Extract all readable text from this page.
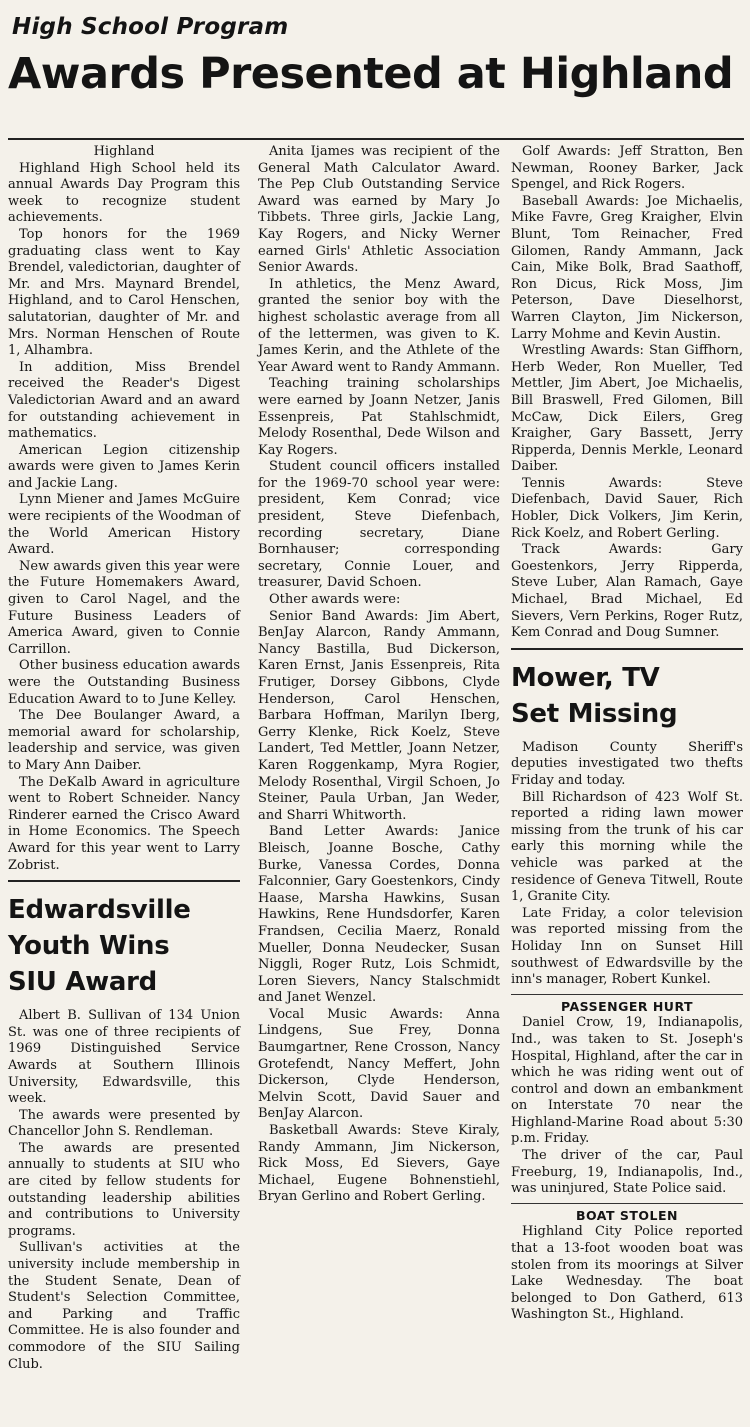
High School Program
Awards Presented at Highland

Highland

Highland High School held its annual Awards Day Program this week to recognize student achievements.

Top honors for the 1969 graduating class went to Kay Brendel, valedictorian, daughter of Mr. and Mrs. Maynard Brendel, Highland, and to Carol Henschen, salutatorian, daughter of Mr. and Mrs. Norman Henschen of Route 1, Alhambra.

In addition, Miss Brendel received the Reader's Digest Valedictorian Award and an award for outstanding achievement in mathematics.

American Legion citizenship awards were given to James Kerin and Jackie Lang.

Lynn Miener and James McGuire were recipients of the Woodman of the World American History Award.

New awards given this year were the Future Homemakers Award, given to Carol Nagel, and the Future Business Leaders of America Award, given to Connie Carrillon.

Other business education awards were the Outstanding Business Education Award to to June Kelley.

The Dee Boulanger Award, a memorial award for scholarship, leadership and service, was given to Mary Ann Daiber.

The DeKalb Award in agriculture went to Robert Schneider. Nancy Rinderer earned the Crisco Award in Home Economics. The Speech Award for this year went to Larry Zobrist.

Edwardsville
Youth Wins
SIU Award

Albert B. Sullivan of 134 Union St. was one of three recipients of 1969 Distinguished Service Awards at Southern Illinois University, Edwardsville, this week.

The awards were presented by Chancellor John S. Rendleman.

The awards are presented annually to students at SIU who are cited by fellow students for outstanding leadership abilities and contributions to University programs.

Sullivan's activities at the university include membership in the Student Senate, Dean of Student's Selection Committee, and Parking and Traffic Committee. He is also founder and commodore of the SIU Sailing Club.

Anita Ijames was recipient of the General Math Calculator Award. The Pep Club Outstanding Service Award was earned by Mary Jo Tibbets. Three girls, Jackie Lang, Kay Rogers, and Nicky Werner earned Girls' Athletic Association Senior Awards.

In athletics, the Menz Award, granted the senior boy with the highest scholastic average from all of the lettermen, was given to K. James Kerin, and the Athlete of the Year Award went to Randy Ammann.

Teaching training scholarships were earned by Joann Netzer, Janis Essenpreis, Pat Stahlschmidt, Melody Rosenthal, Dede Wilson and Kay Rogers.

Student council officers installed for the 1969-70 school year were: president, Kem Conrad; vice president, Steve Diefenbach, recording secretary, Diane Bornhauser; corresponding secretary, Connie Louer, and treasurer, David Schoen.

Other awards were:

Senior Band Awards: Jim Abert, BenJay Alarcon, Randy Ammann, Nancy Bastilla, Bud Dickerson, Karen Ernst, Janis Essenpreis, Rita Frutiger, Dorsey Gibbons, Clyde Henderson, Carol Henschen, Barbara Hoffman, Marilyn Iberg, Gerry Klenke, Rick Koelz, Steve Landert, Ted Mettler, Joann Netzer, Karen Roggenkamp, Myra Rogier, Melody Rosenthal, Virgil Schoen, Jo Steiner, Paula Urban, Jan Weder, and Sharri Whitworth.

Band Letter Awards: Janice Bleisch, Joanne Bosche, Cathy Burke, Vanessa Cordes, Donna Falconnier, Gary Goestenkors, Cindy Haase, Marsha Hawkins, Susan Hawkins, Rene Hundsdorfer, Karen Frandsen, Cecilia Maerz, Ronald Mueller, Donna Neudecker, Susan Niggli, Roger Rutz, Lois Schmidt, Loren Sievers, Nancy Stalschmidt and Janet Wenzel.

Vocal Music Awards: Anna Lindgens, Sue Frey, Donna Baumgartner, Rene Crosson, Nancy Grotefendt, Nancy Meffert, John Dickerson, Clyde Henderson, Melvin Scott, David Sauer and BenJay Alarcon.

Basketball Awards: Steve Kiraly, Randy Ammann, Jim Nickerson, Rick Moss, Ed Sievers, Gaye Michael, Eugene Bohnenstiehl, Bryan Gerlino and Robert Gerling.

Golf Awards: Jeff Stratton, Ben Newman, Rooney Barker, Jack Spengel, and Rick Rogers.

Baseball Awards: Joe Michaelis, Mike Favre, Greg Kraigher, Elvin Blunt, Tom Reinacher, Fred Gilomen, Randy Ammann, Jack Cain, Mike Bolk, Brad Saathoff, Ron Dicus, Rick Moss, Jim Peterson, Dave Dieselhorst, Warren Clayton, Jim Nickerson, Larry Mohme and Kevin Austin.

Wrestling Awards: Stan Giffhorn, Herb Weder, Ron Mueller, Ted Mettler, Jim Abert, Joe Michaelis, Bill Braswell, Fred Gilomen, Bill McCaw, Dick Eilers, Greg Kraigher, Gary Bassett, Jerry Ripperda, Dennis Merkle, Leonard Daiber.

Tennis Awards: Steve Diefenbach, David Sauer, Rich Hobler, Dick Volkers, Jim Kerin, Rick Koelz, and Robert Gerling.

Track Awards: Gary Goestenkors, Jerry Ripperda, Steve Luber, Alan Ramach, Gaye Michael, Brad Michael, Ed Sievers, Vern Perkins, Roger Rutz, Kem Conrad and Doug Sumner.

Mower, TV
Set Missing

Madison County Sheriff's deputies investigated two thefts Friday and today.

Bill Richardson of 423 Wolf St. reported a riding lawn mower missing from the trunk of his car early this morning while the vehicle was parked at the residence of Geneva Titwell, Route 1, Granite City.

Late Friday, a color television was reported missing from the Holiday Inn on Sunset Hill southwest of Edwardsville by the inn's manager, Robert Kunkel.

PASSENGER HURT

Daniel Crow, 19, Indianapolis, Ind., was taken to St. Joseph's Hospital, Highland, after the car in which he was riding went out of control and down an embankment on Interstate 70 near the Highland-Marine Road about 5:30 p.m. Friday.

The driver of the car, Paul Freeburg, 19, Indianapolis, Ind., was uninjured, State Police said.

BOAT STOLEN

Highland City Police reported that a 13-foot wooden boat was stolen from its moorings at Silver Lake Wednesday. The boat belonged to Don Gatherd, 613 Washington St., Highland.
